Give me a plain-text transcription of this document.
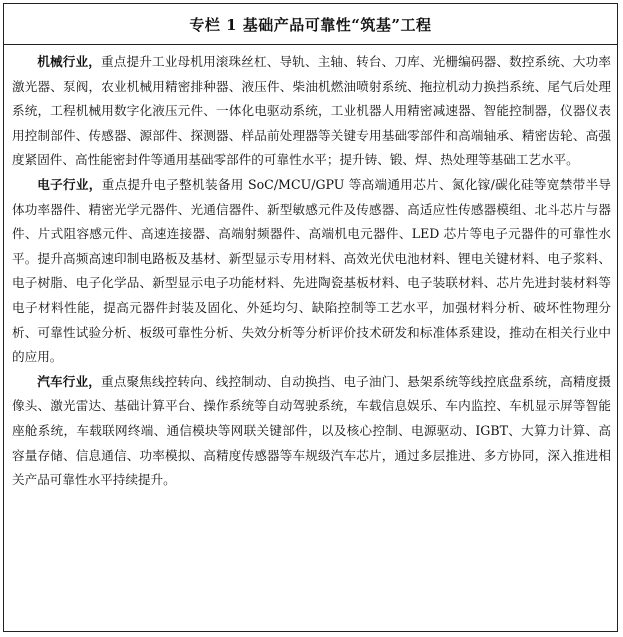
专栏 1 基础产品可靠性“筑基”工程

机械行业，重点提升工业母机用滚珠丝杠、导轨、主轴、转台、刀库、光栅编码器、数控系统、大功率激光器、泵阀，农业机械用精密排种器、液压件、柴油机燃油喷射系统、拖拉机动力换挡系统、尾气后处理系统，工程机械用数字化液压元件、一体化电驱动系统，工业机器人用精密减速器、智能控制器，仪器仪表用控制部件、传感器、源部件、探测器、样品前处理器等关键专用基础零部件和高端轴承、精密齿轮、高强度紧固件、高性能密封件等通用基础零部件的可靠性水平；提升铸、锻、焊、热处理等基础工艺水平。

电子行业，重点提升电子整机装备用 SoC/MCU/GPU 等高端通用芯片、氮化镓/碳化硅等宽禁带半导体功率器件、精密光学元器件、光通信器件、新型敏感元件及传感器、高适应性传感器模组、北斗芯片与器件、片式阻容感元件、高速连接器、高端射频器件、高端机电元器件、LED 芯片等电子元器件的可靠性水平。提升高频高速印制电路板及基材、新型显示专用材料、高效光伏电池材料、锂电关键材料、电子浆料、电子树脂、电子化学品、新型显示电子功能材料、先进陶瓷基板材料、电子装联材料、芯片先进封装材料等电子材料性能，提高元器件封装及固化、外延均匀、缺陷控制等工艺水平，加强材料分析、破坏性物理分析、可靠性试验分析、板级可靠性分析、失效分析等分析评价技术研发和标准体系建设，推动在相关行业中的应用。

汽车行业，重点聚焦线控转向、线控制动、自动换挡、电子油门、悬架系统等线控底盘系统，高精度摄像头、激光雷达、基础计算平台、操作系统等自动驾驶系统，车载信息娱乐、车内监控、车机显示屏等智能座舱系统，车载联网终端、通信模块等网联关键部件，以及核心控制、电源驱动、IGBT、大算力计算、高容量存储、信息通信、功率模拟、高精度传感器等车规级汽车芯片，通过多层推进、多方协同，深入推进相关产品可靠性水平持续提升。
